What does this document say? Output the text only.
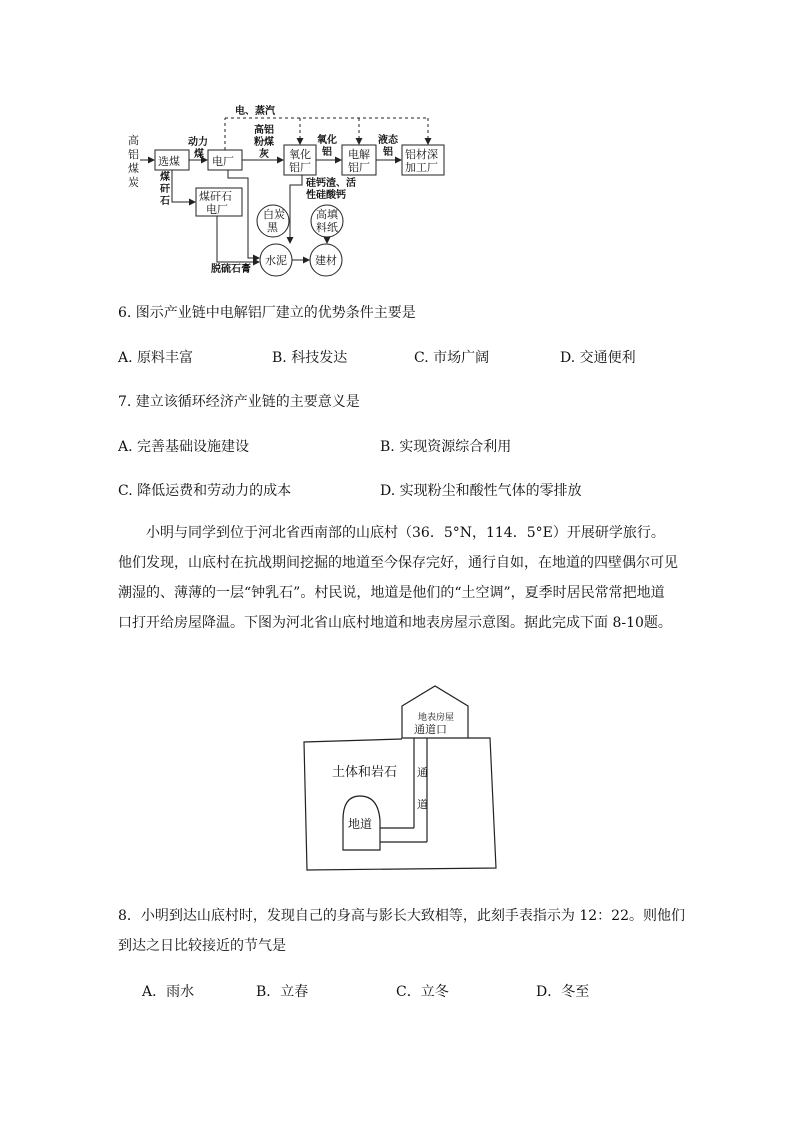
高
铝
煤
炭
选煤
动力
煤
煤
矸
石
电厂
煤矸石
电厂
电、蒸汽
高铝
粉煤
灰 氧化
铝厂
氧化
铝 电解
铝厂
液态
铝 铝材深
加工厂
硅钙渣、活
性硅酸钙
白炭
黑
高填
料纸
水泥	建材
脱硫石膏
6. 图示产业链中电解铝厂建立的优势条件主要是
A. 原料丰富	B. 科技发达	C. 市场广阔	D. 交通便利
7. 建立该循环经济产业链的主要意义是
A. 完善基础设施建设	B. 实现资源综合利用
C. 降低运费和劳动力的成本	D. 实现粉尘和酸性气体的零排放

小明与同学到位于河北省西南部的山底村（36．5°N，114．5°E）开展研学旅行。他们发现，山底村在抗战期间挖掘的地道至今保存完好，通行自如，在地道的四壁偶尔可见潮湿的、薄薄的一层“钟乳石”。村民说，地道是他们的“土空调”，夏季时居民常常把地道口打开给房屋降温。下图为河北省山底村地道和地表房屋示意图。据此完成下面 8-10题。

地表房屋
通道口
土体和岩石 通
道
地道
8．小明到达山底村时，发现自己的身高与影长大致相等，此刻手表指示为 12：22。则他们
到达之日比较接近的节气是
A．雨水	B．立春	C．立冬	D．冬至
